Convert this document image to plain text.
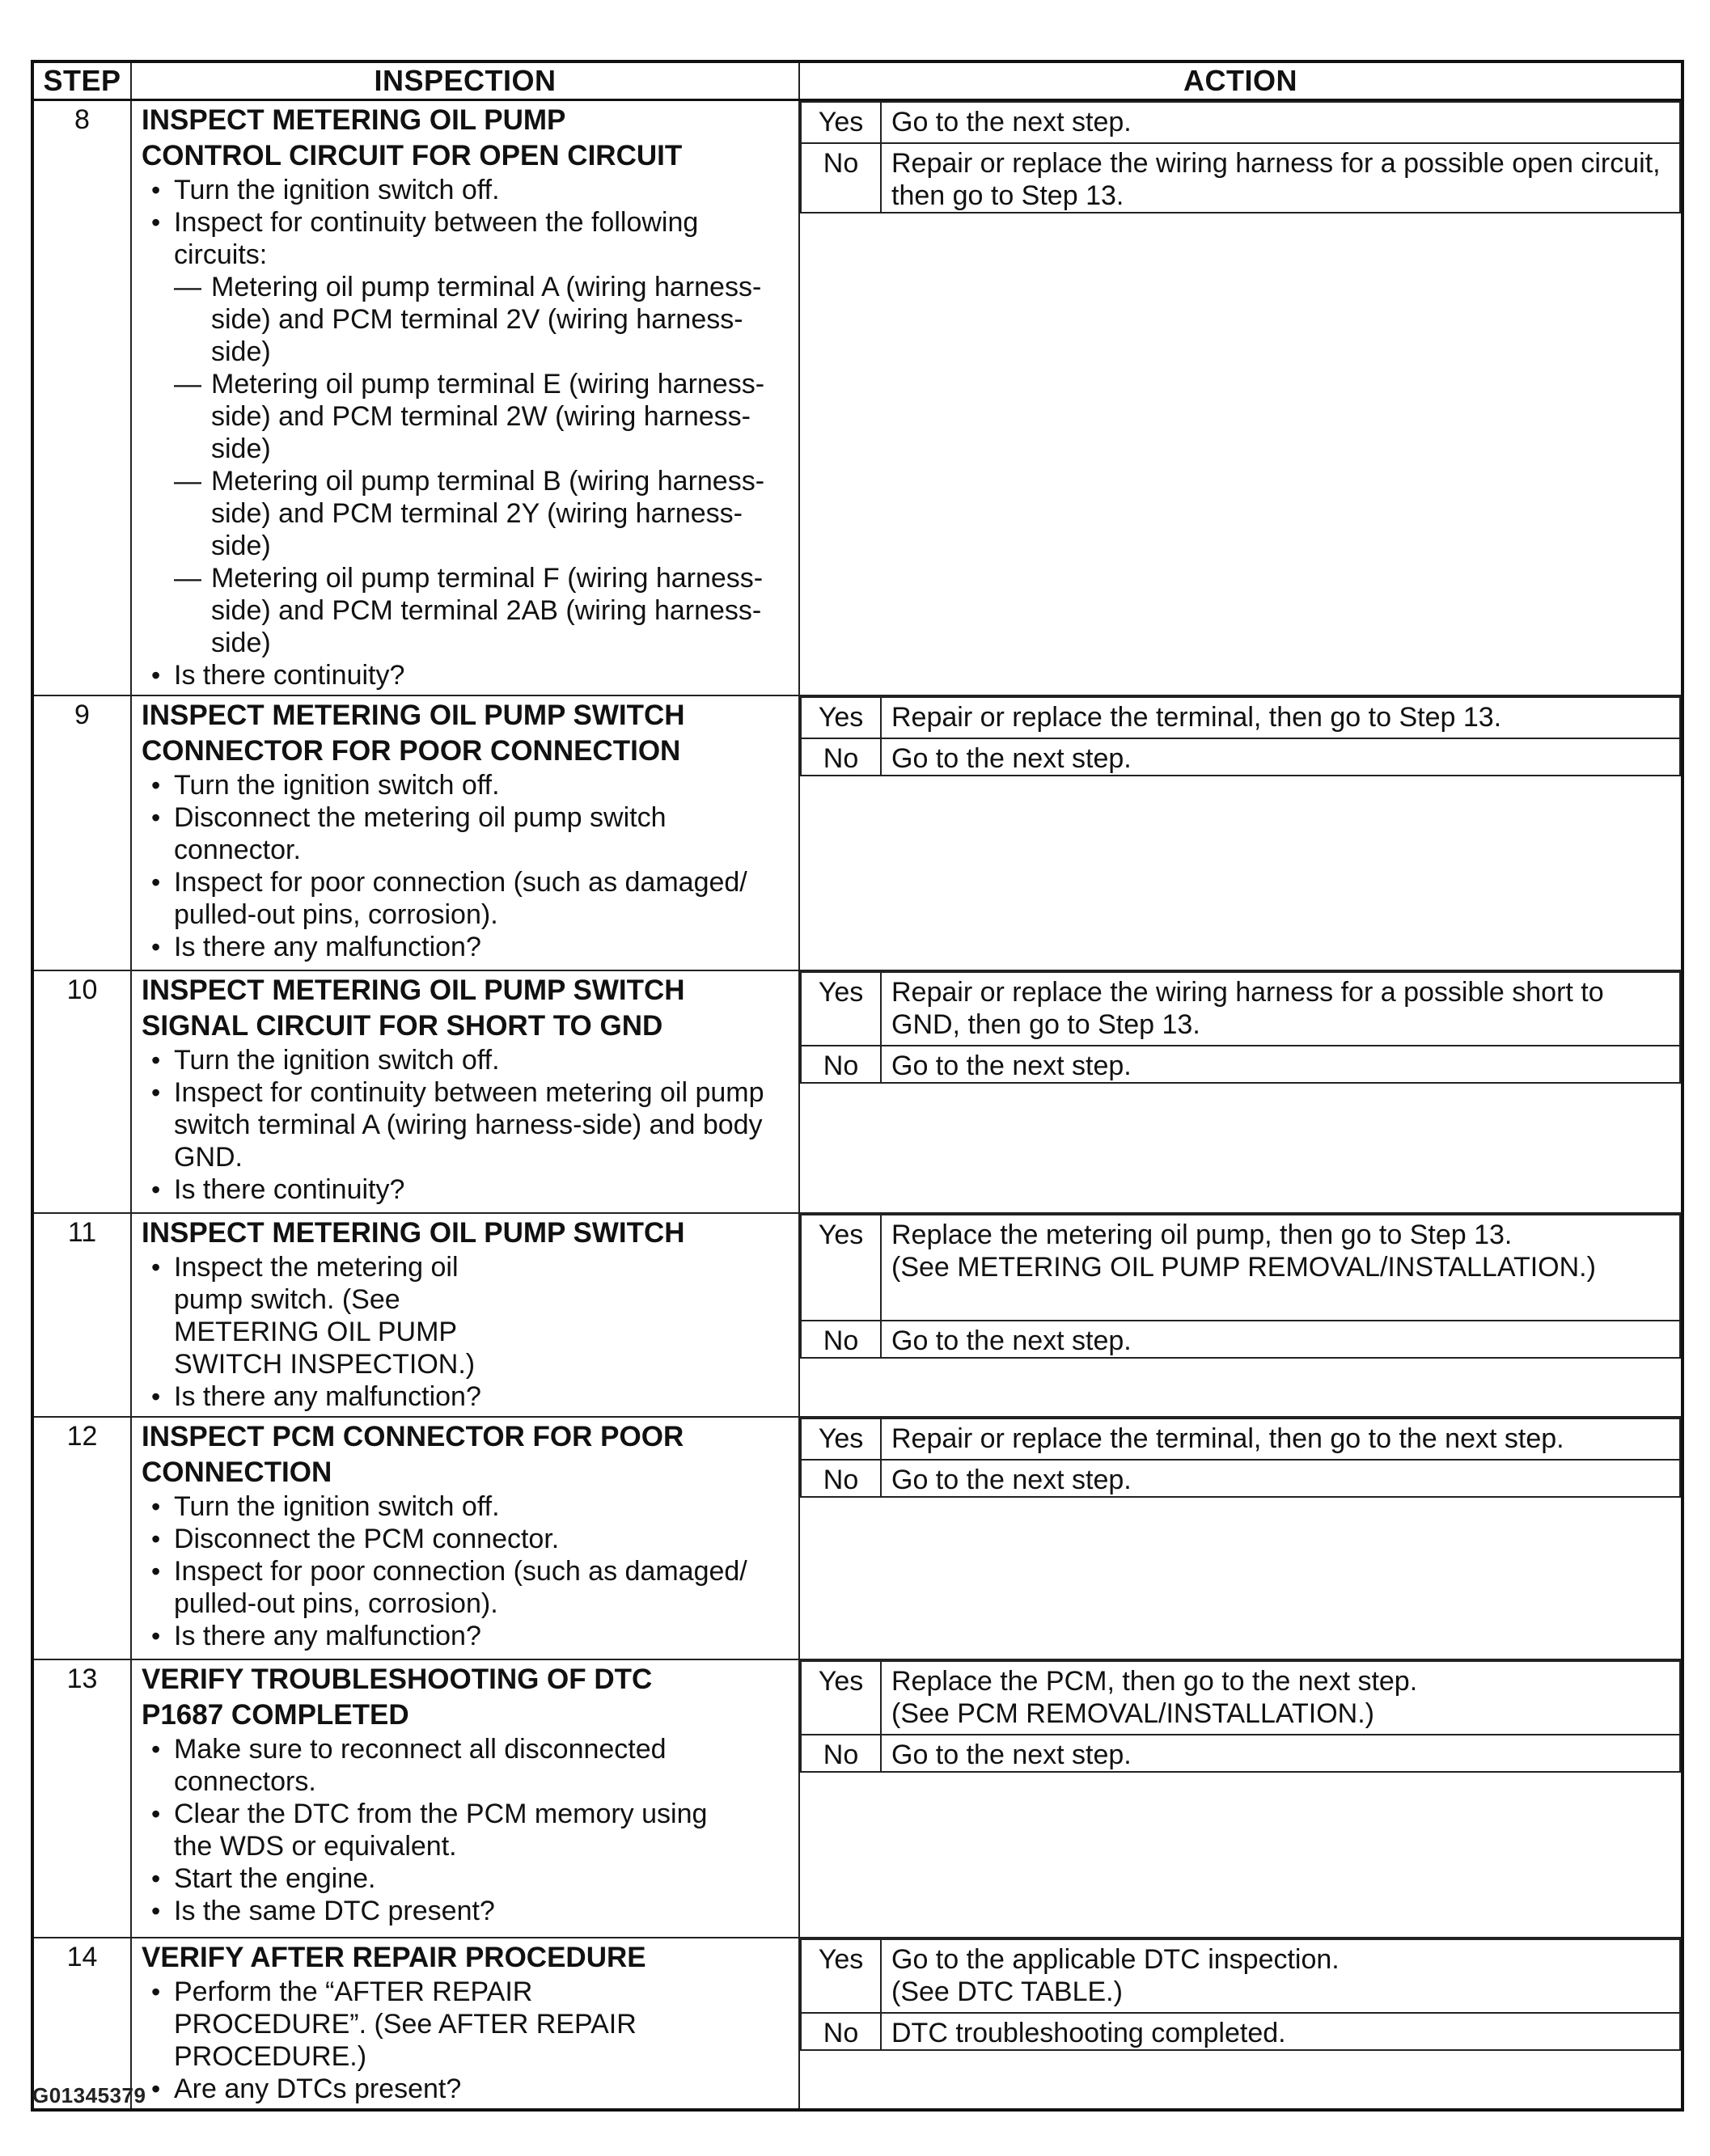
STEP	INSPECTION	ACTION
8	INSPECT METERING OIL PUMP CONTROL CIRCUIT FOR OPEN CIRCUIT
• Turn the ignition switch off.
• Inspect for continuity between the following circuits:
— Metering oil pump terminal A (wiring harness-side) and PCM terminal 2V (wiring harness-side)
— Metering oil pump terminal E (wiring harness-side) and PCM terminal 2W (wiring harness-side)
— Metering oil pump terminal B (wiring harness-side) and PCM terminal 2Y (wiring harness-side)
— Metering oil pump terminal F (wiring harness-side) and PCM terminal 2AB (wiring harness-side)
• Is there continuity?

Yes	Go to the next step.
No	Repair or replace the wiring harness for a possible open circuit, then go to Step 13.

9	INSPECT METERING OIL PUMP SWITCH CONNECTOR FOR POOR CONNECTION
• Turn the ignition switch off.
• Disconnect the metering oil pump switch connector.
• Inspect for poor connection (such as damaged/ pulled-out pins, corrosion).
• Is there any malfunction?

Yes	Repair or replace the terminal, then go to Step 13.
No	Go to the next step.

10	INSPECT METERING OIL PUMP SWITCH SIGNAL CIRCUIT FOR SHORT TO GND
• Turn the ignition switch off.
• Inspect for continuity between metering oil pump switch terminal A (wiring harness-side) and body GND.
• Is there continuity?

Yes	Repair or replace the wiring harness for a possible short to GND, then go to Step 13.
No	Go to the next step.

11	INSPECT METERING OIL PUMP SWITCH
• Inspect the metering oil pump switch. (See METERING OIL PUMP SWITCH INSPECTION.)
• Is there any malfunction?

Yes	Replace the metering oil pump, then go to Step 13.
(See METERING OIL PUMP REMOVAL/INSTALLATION.)

No	Go to the next step.

12	INSPECT PCM CONNECTOR FOR POOR CONNECTION
• Turn the ignition switch off.
• Disconnect the PCM connector.
• Inspect for poor connection (such as damaged/ pulled-out pins, corrosion).
• Is there any malfunction?

Yes	Repair or replace the terminal, then go to the next step.
No	Go to the next step.

13	VERIFY TROUBLESHOOTING OF DTC P1687 COMPLETED
• Make sure to reconnect all disconnected connectors.
• Clear the DTC from the PCM memory using the WDS or equivalent.
• Start the engine.
• Is the same DTC present?

Yes	Replace the PCM, then go to the next step.
(See PCM REMOVAL/INSTALLATION.)

No	Go to the next step.

14	VERIFY AFTER REPAIR PROCEDURE
• Perform the “AFTER REPAIR PROCEDURE”. (See AFTER REPAIR PROCEDURE.)
• Are any DTCs present?

Yes	Go to the applicable DTC inspection.
(See DTC TABLE.)

No	DTC troubleshooting completed.
G01345379
